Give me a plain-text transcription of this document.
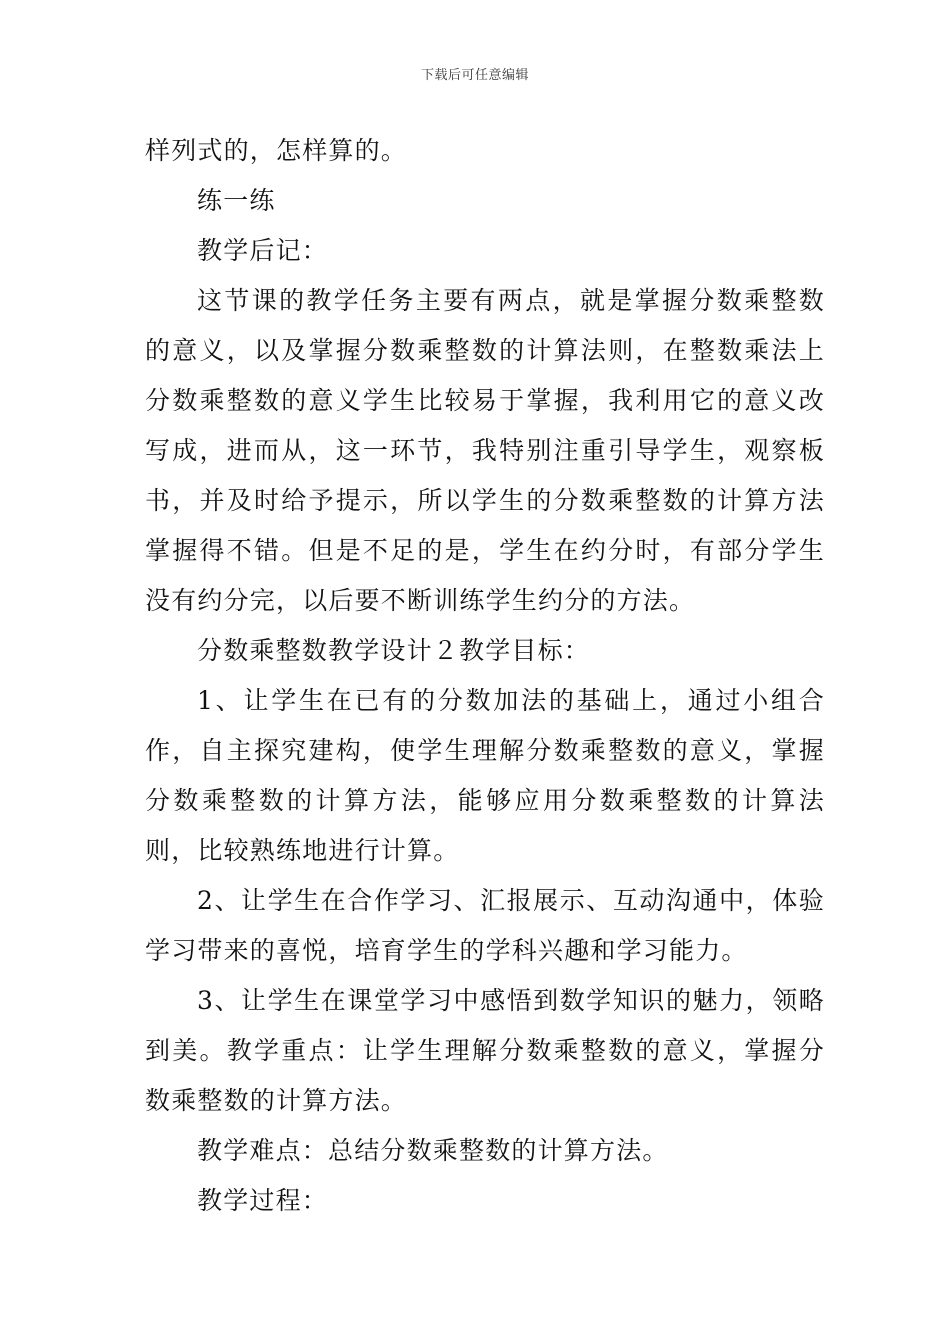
下载后可任意编辑

样列式的，怎样算的。

练一练

教学后记：

这节课的教学任务主要有两点，就是掌握分数乘整数的意义，以及掌握分数乘整数的计算法则，在整数乘法上分数乘整数的意义学生比较易于掌握，我利用它的意义改写成，进而从，这一环节，我特别注重引导学生，观察板书，并及时给予提示，所以学生的分数乘整数的计算方法掌握得不错。但是不足的是，学生在约分时，有部分学生没有约分完，以后要不断训练学生约分的方法。

分数乘整数教学设计２教学目标：

1、让学生在已有的分数加法的基础上，通过小组合作，自主探究建构，使学生理解分数乘整数的意义，掌握分数乘整数的计算方法，能够应用分数乘整数的计算法则，比较熟练地进行计算。

2、让学生在合作学习、汇报展示、互动沟通中，体验学习带来的喜悦，培育学生的学科兴趣和学习能力。

3、让学生在课堂学习中感悟到数学知识的魅力，领略到美。教学重点：让学生理解分数乘整数的意义，掌握分数乘整数的计算方法。

教学难点：总结分数乘整数的计算方法。

教学过程：
